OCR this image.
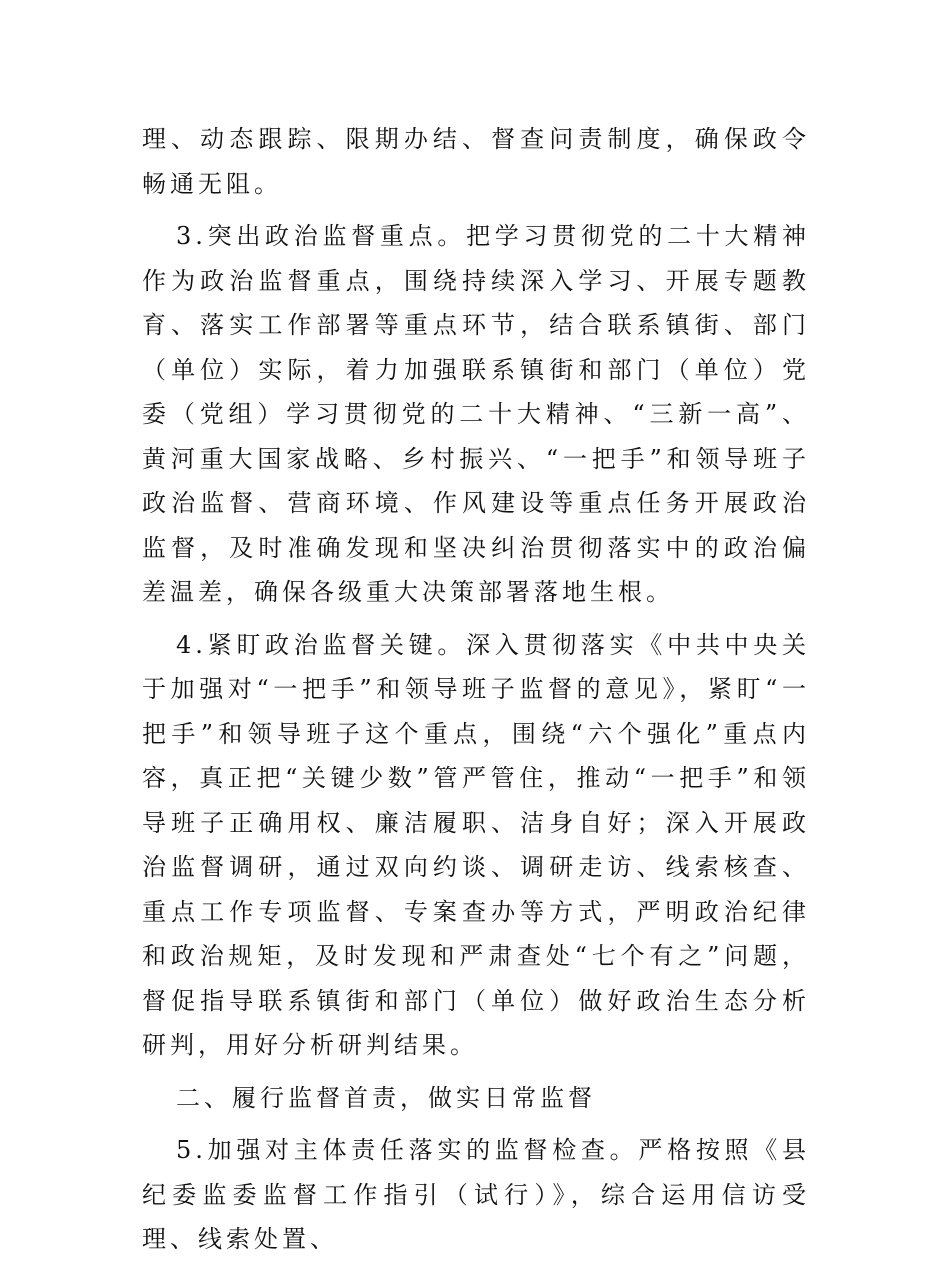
理、动态跟踪、限期办结、督查问责制度，确保政令畅通无阻。

3.突出政治监督重点。把学习贯彻党的二十大精神作为政治监督重点，围绕持续深入学习、开展专题教育、落实工作部署等重点环节，结合联系镇街、部门（单位）实际，着力加强联系镇街和部门（单位）党委（党组）学习贯彻党的二十大精神、“三新一高”、黄河重大国家战略、乡村振兴、“一把手”和领导班子政治监督、营商环境、作风建设等重点任务开展政治监督，及时准确发现和坚决纠治贯彻落实中的政治偏差温差，确保各级重大决策部署落地生根。

4.紧盯政治监督关键。深入贯彻落实《中共中央关于加强对“一把手”和领导班子监督的意见》，紧盯“一把手”和领导班子这个重点，围绕“六个强化”重点内容，真正把“关键少数”管严管住，推动“一把手”和领导班子正确用权、廉洁履职、洁身自好；深入开展政治监督调研，通过双向约谈、调研走访、线索核查、重点工作专项监督、专案查办等方式，严明政治纪律和政治规矩，及时发现和严肃查处“七个有之”问题，督促指导联系镇街和部门（单位）做好政治生态分析研判，用好分析研判结果。

二、履行监督首责，做实日常监督

5.加强对主体责任落实的监督检查。严格按照《县纪委监委监督工作指引（试行）》，综合运用信访受理、线索处置、
